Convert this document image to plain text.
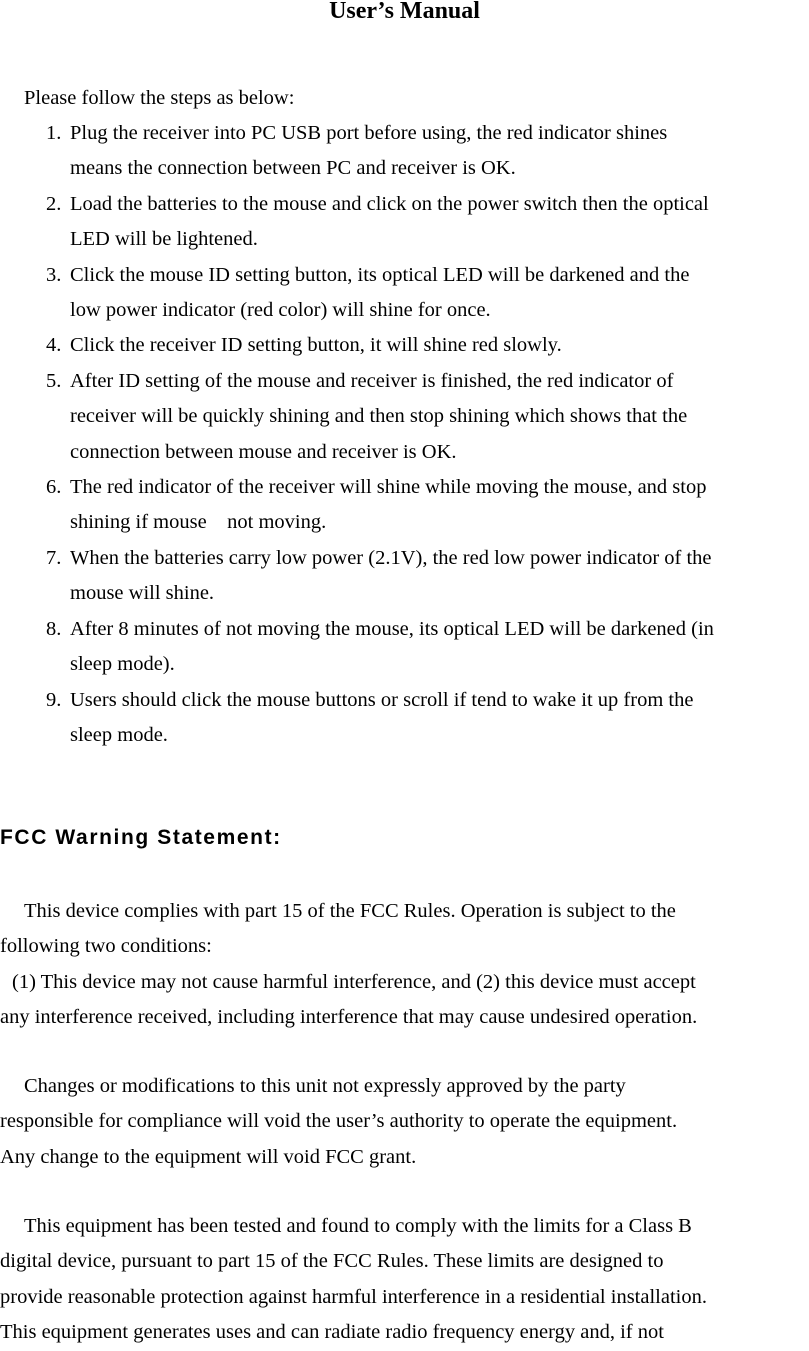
User’s Manual

Please follow the steps as below:

1. Plug the receiver into PC USB port before using, the red indicator shines
means the connection between PC and receiver is OK.
2. Load the batteries to the mouse and click on the power switch then the optical
LED will be lightened.
3. Click the mouse ID setting button, its optical LED will be darkened and the
low power indicator (red color) will shine for once.
4. Click the receiver ID setting button, it will shine red slowly.
5. After ID setting of the mouse and receiver is finished, the red indicator of
receiver will be quickly shining and then stop shining which shows that the
connection between mouse and receiver is OK.
6. The red indicator of the receiver will shine while moving the mouse, and stop
shining if mouse    not moving.
7. When the batteries carry low power (2.1V), the red low power indicator of the
mouse will shine.
8. After 8 minutes of not moving the mouse, its optical LED will be darkened (in
sleep mode).
9. Users should click the mouse buttons or scroll if tend to wake it up from the
sleep mode.
FCC Warning Statement:

This device complies with part 15 of the FCC Rules. Operation is subject to the
following two conditions:
(1) This device may not cause harmful interference, and (2) this device must accept
any interference received, including interference that may cause undesired operation.

Changes or modifications to this unit not expressly approved by the party
responsible for compliance will void the user’s authority to operate the equipment.
Any change to the equipment will void FCC grant.

This equipment has been tested and found to comply with the limits for a Class B
digital device, pursuant to part 15 of the FCC Rules. These limits are designed to
provide reasonable protection against harmful interference in a residential installation.
This equipment generates uses and can radiate radio frequency energy and, if not
